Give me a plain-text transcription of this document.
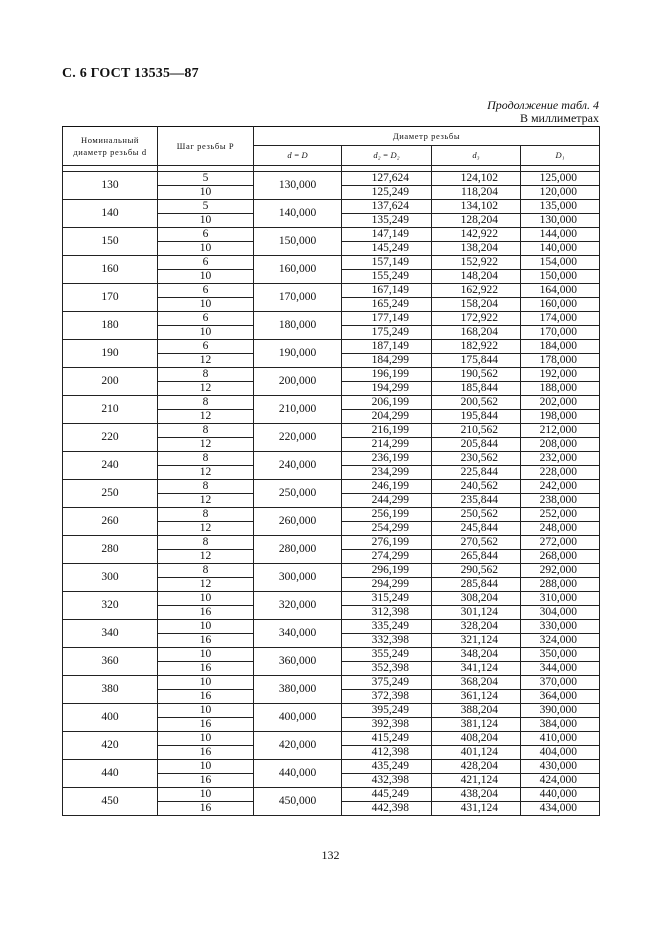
С. 6 ГОСТ 13535—87
Продолжение табл. 4
В миллиметрах
Номинальный диаметр резьбы d	Шаг резьбы P	Диаметр резьбы			
		d = D	d₂ = D₂	d₃	D₁

130	5	130,000	127,624	124,102	125,000
	10		125,249	118,204	120,000
140	5	140,000	137,624	134,102	135,000
	10		135,249	128,204	130,000
150	6	150,000	147,149	142,922	144,000
	10		145,249	138,204	140,000
160	6	160,000	157,149	152,922	154,000
	10		155,249	148,204	150,000
170	6	170,000	167,149	162,922	164,000
	10		165,249	158,204	160,000
180	6	180,000	177,149	172,922	174,000
	10		175,249	168,204	170,000
190	6	190,000	187,149	182,922	184,000
	12		184,299	175,844	178,000
200	8	200,000	196,199	190,562	192,000
	12		194,299	185,844	188,000
210	8	210,000	206,199	200,562	202,000
	12		204,299	195,844	198,000
220	8	220,000	216,199	210,562	212,000
	12		214,299	205,844	208,000
240	8	240,000	236,199	230,562	232,000
	12		234,299	225,844	228,000
250	8	250,000	246,199	240,562	242,000
	12		244,299	235,844	238,000
260	8	260,000	256,199	250,562	252,000
	12		254,299	245,844	248,000
280	8	280,000	276,199	270,562	272,000
	12		274,299	265,844	268,000
300	8	300,000	296,199	290,562	292,000
	12		294,299	285,844	288,000
320	10	320,000	315,249	308,204	310,000
	16		312,398	301,124	304,000
340	10	340,000	335,249	328,204	330,000
	16		332,398	321,124	324,000
360	10	360,000	355,249	348,204	350,000
	16		352,398	341,124	344,000
380	10	380,000	375,249	368,204	370,000
	16		372,398	361,124	364,000
400	10	400,000	395,249	388,204	390,000
	16		392,398	381,124	384,000
420	10	420,000	415,249	408,204	410,000
	16		412,398	401,124	404,000
440	10	440,000	435,249	428,204	430,000
	16		432,398	421,124	424,000
450	10	450,000	445,249	438,204	440,000
	16		442,398	431,124	434,000
132
